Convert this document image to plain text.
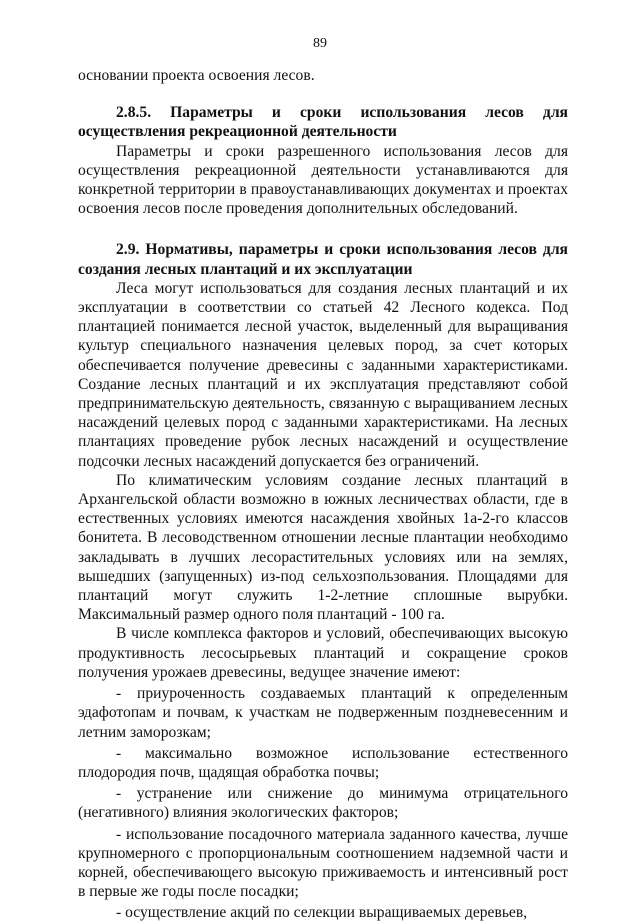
89

основании проекта освоения лесов.

2.8.5. Параметры и сроки использования лесов для осуществления рекреационной деятельности

Параметры и сроки разрешенного использования лесов для осуществления рекреационной деятельности устанавливаются для конкретной территории в правоустанавливающих документах и проектах освоения лесов после проведения дополнительных обследований.

2.9. Нормативы, параметры и сроки использования лесов для создания лесных плантаций и их эксплуатации

Леса могут использоваться для создания лесных плантаций и их эксплуатации в соответствии со статьей 42 Лесного кодекса. Под плантацией понимается лесной участок, выделенный для выращивания культур специального назначения целевых пород, за счет которых обеспечивается получение древесины с заданными характеристиками. Создание лесных плантаций и их эксплуатация представляют собой предпринимательскую деятельность, связанную с выращиванием лесных насаждений целевых пород с заданными характеристиками. На лесных плантациях проведение рубок лесных насаждений и осуществление подсочки лесных насаждений допускается без ограничений.

По климатическим условиям создание лесных плантаций в Архангельской области возможно в южных лесничествах области, где в естественных условиях имеются насаждения хвойных 1а-2-го классов бонитета. В лесоводственном отношении лесные плантации необходимо закладывать в лучших лесорастительных условиях или на землях, вышедших (запущенных) из-под сельхозпользования. Площадями для плантаций могут служить 1-2-летние сплошные вырубки. Максимальный размер одного поля плантаций - 100 га.

В числе комплекса факторов и условий, обеспечивающих высокую продуктивность лесосырьевых плантаций и сокращение сроков получения урожаев древесины, ведущее значение имеют:

- приуроченность создаваемых плантаций к определенным эдафотопам и почвам, к участкам не подверженным поздневесенним и летним заморозкам;

- максимально возможное использование естественного плодородия почв, щадящая обработка почвы;

- устранение или снижение до минимума отрицательного (негативного) влияния экологических факторов;

- использование посадочного материала заданного качества, лучше крупномерного с пропорциональным соотношением надземной части и корней, обеспечивающего высокую приживаемость и интенсивный рост в первые же годы после посадки;

- осуществление акций по селекции выращиваемых деревьев,
